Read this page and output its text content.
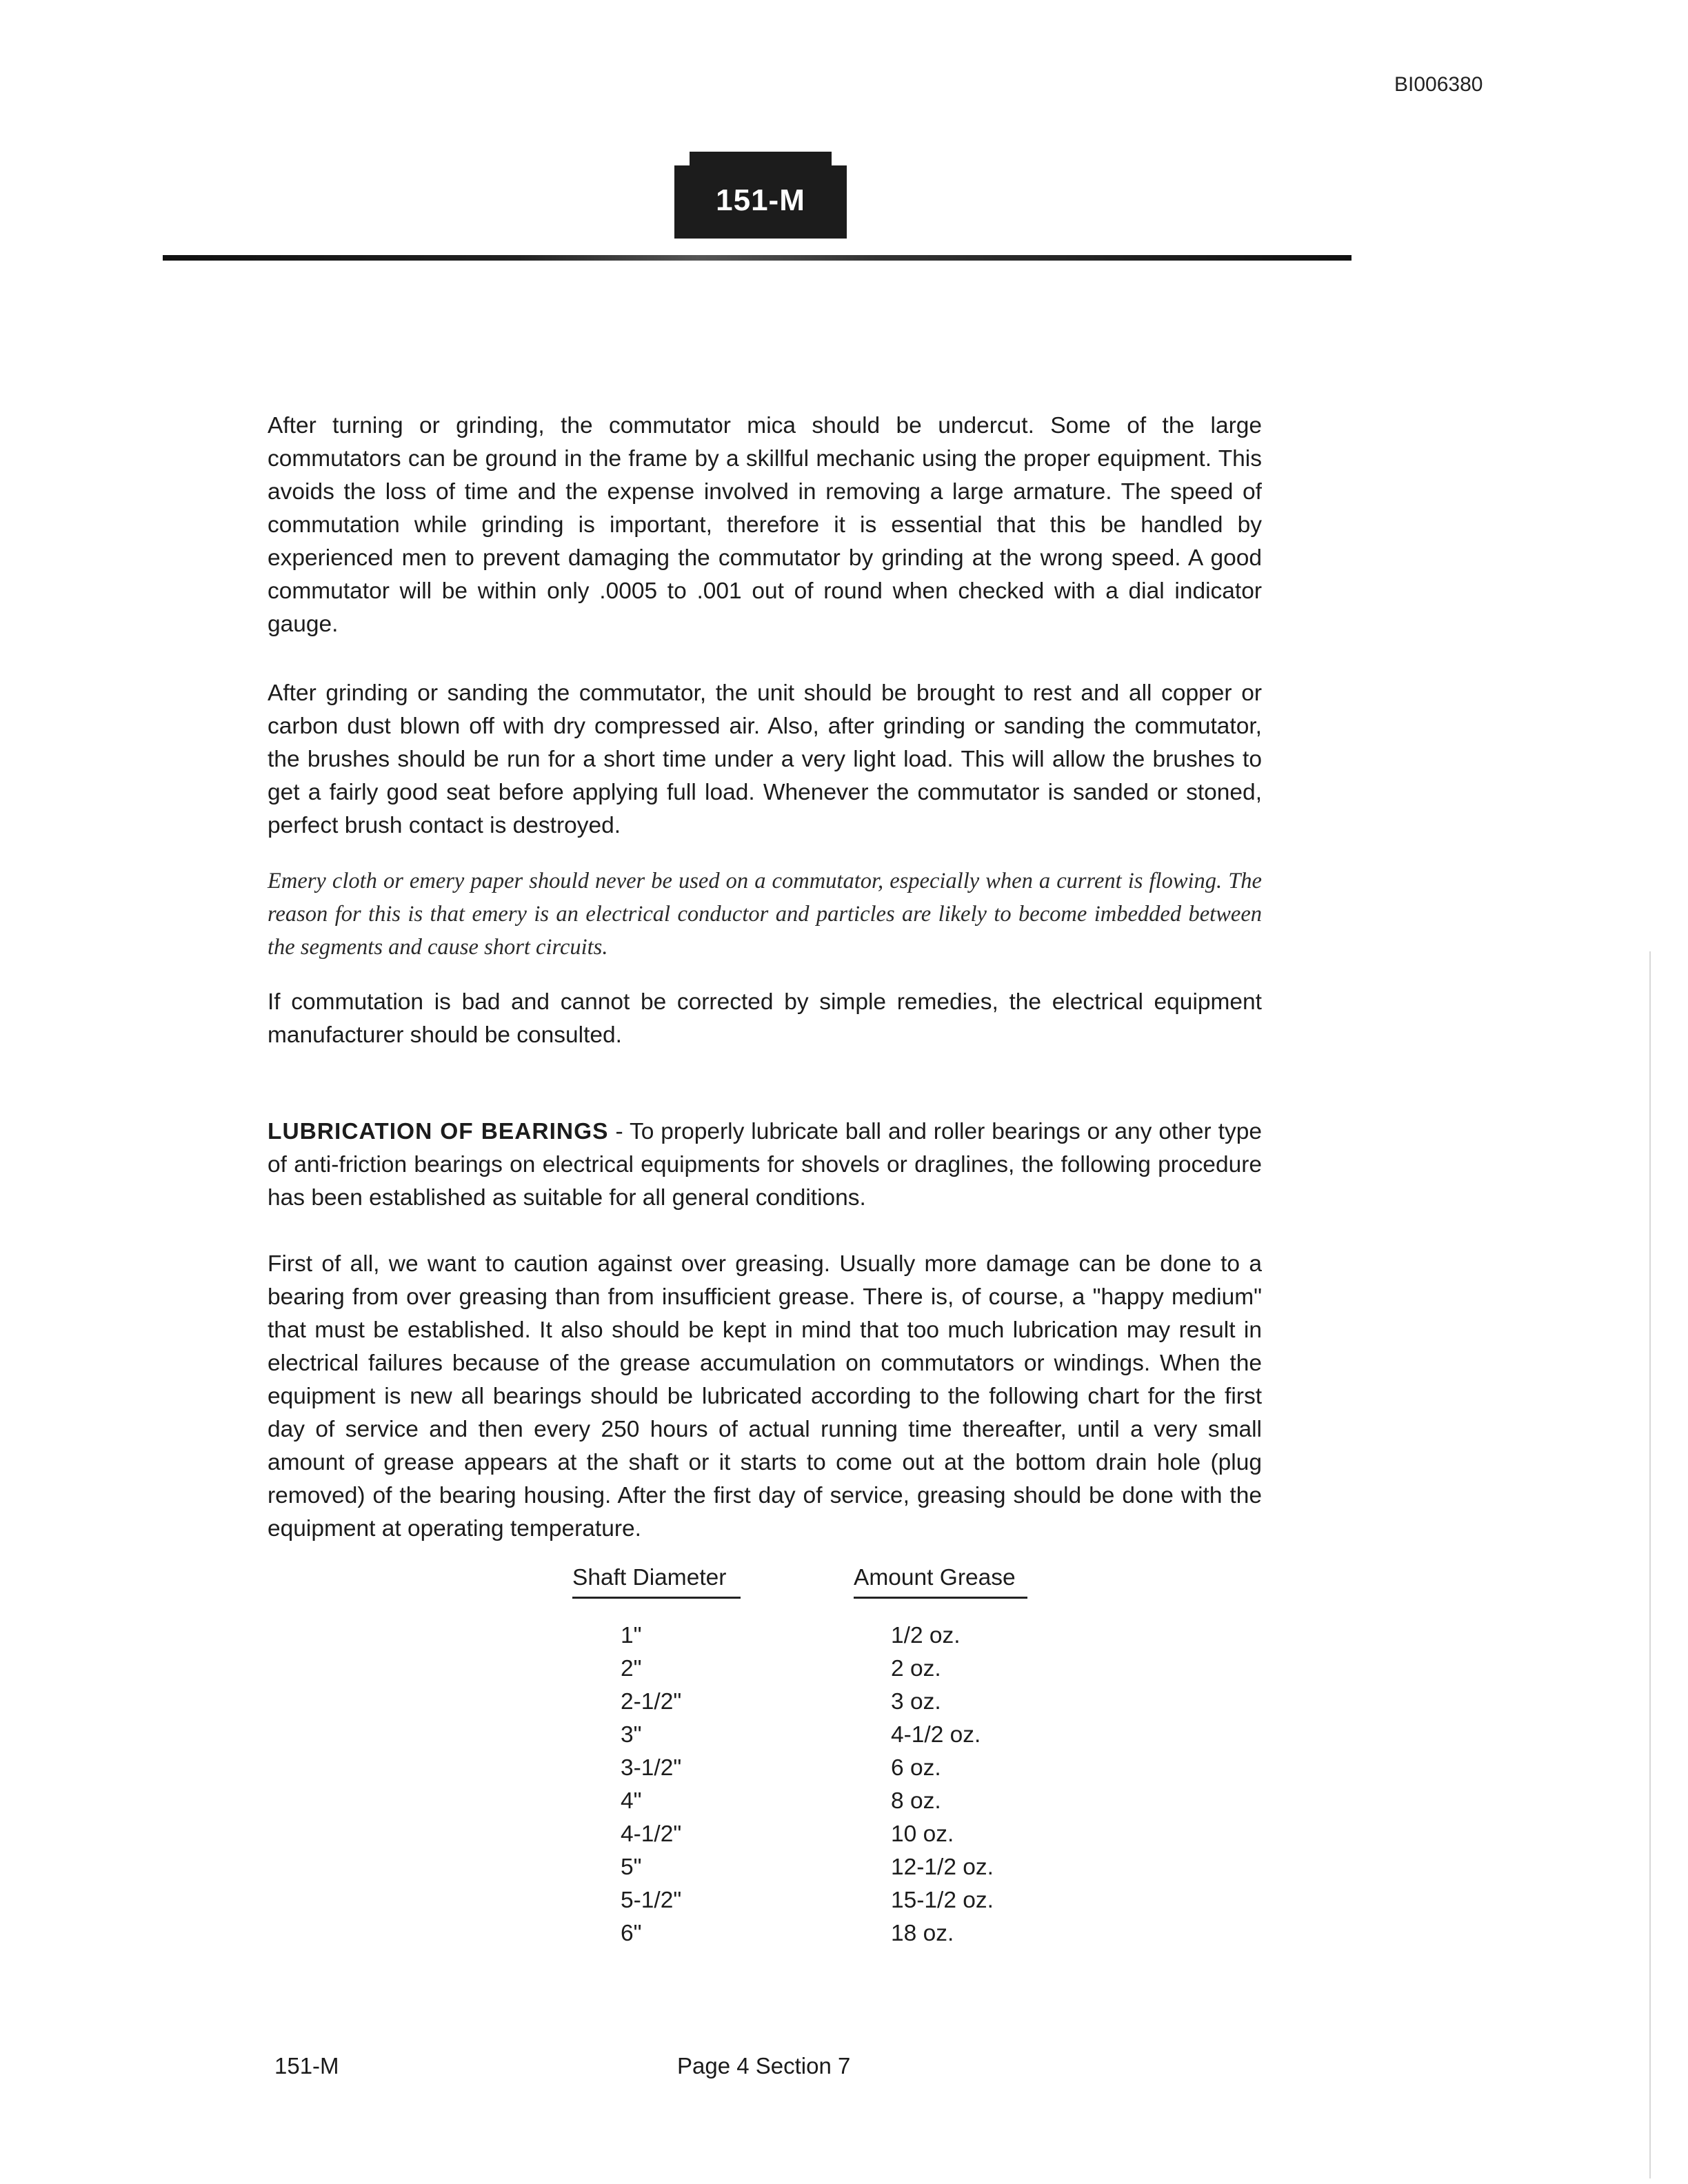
BI006380
151-M

After turning or grinding, the commutator mica should be undercut. Some of the large commutators can be ground in the frame by a skillful mechanic using the proper equipment. This avoids the loss of time and the expense involved in removing a large armature. The speed of commutation while grinding is important, therefore it is essential that this be handled by experienced men to prevent damaging the commutator by grinding at the wrong speed. A good commutator will be within only .0005 to .001 out of round when checked with a dial indicator gauge.

After grinding or sanding the commutator, the unit should be brought to rest and all copper or carbon dust blown off with dry compressed air. Also, after grinding or sanding the commutator, the brushes should be run for a short time under a very light load. This will allow the brushes to get a fairly good seat before applying full load. Whenever the commutator is sanded or stoned, perfect brush contact is destroyed.

Emery cloth or emery paper should never be used on a commutator, especially when a current is flowing. The reason for this is that emery is an electrical conductor and particles are likely to become imbedded between the segments and cause short circuits.

If commutation is bad and cannot be corrected by simple remedies, the electrical equipment manufacturer should be consulted.

LUBRICATION OF BEARINGS - To properly lubricate ball and roller bearings or any other type of anti-friction bearings on electrical equipments for shovels or draglines, the following procedure has been established as suitable for all general conditions.

First of all, we want to caution against over greasing. Usually more damage can be done to a bearing from over greasing than from insufficient grease. There is, of course, a "happy medium" that must be established. It also should be kept in mind that too much lubrication may result in electrical failures because of the grease accumulation on commutators or windings. When the equipment is new all bearings should be lubricated according to the following chart for the first day of service and then every 250 hours of actual running time thereafter, until a very small amount of grease appears at the shaft or it starts to come out at the bottom drain hole (plug removed) of the bearing housing. After the first day of service, greasing should be done with the equipment at operating temperature.

Shaft Diameter	Amount Grease
1"	1/2 oz.
2"	2 oz.
2-1/2"	3 oz.
3"	4-1/2 oz.
3-1/2"	6 oz.
4"	8 oz.
4-1/2"	10 oz.
5"	12-1/2 oz.
5-1/2"	15-1/2 oz.
6"	18 oz.
151-M	Page 4 Section 7
